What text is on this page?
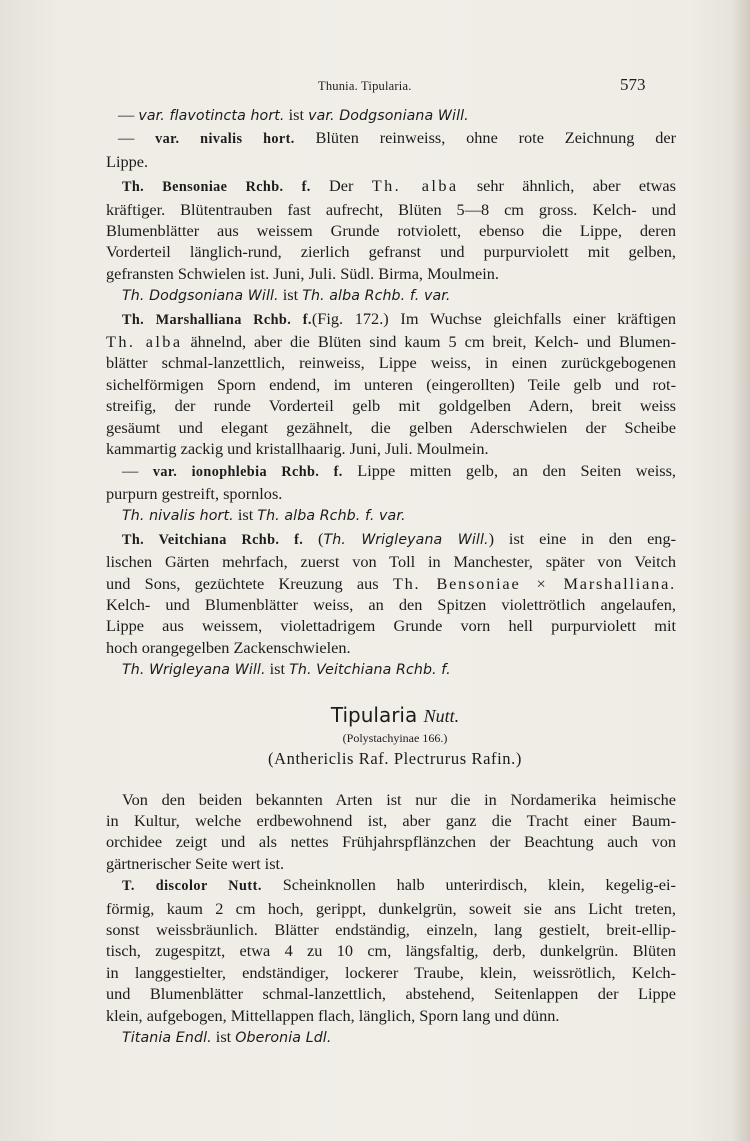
Thunia. Tipularia.	573
— var. flavotincta hort. ist var. Dodgsoniana Will.
— var. nivalis hort. Blüten reinweiss, ohne rote Zeichnung der
Lippe.
Th. Bensoniae Rchb. f. Der Th. alba sehr ähnlich, aber etwas
kräftiger. Blütentrauben fast aufrecht, Blüten 5—8 cm gross. Kelch- und
Blumenblätter aus weissem Grunde rotviolett, ebenso die Lippe, deren
Vorderteil länglich-rund, zierlich gefranst und purpurviolett mit gelben,
gefransten Schwielen ist. Juni, Juli. Südl. Birma, Moulmein.
Th. Dodgsoniana Will. ist Th. alba Rchb. f. var.
Th. Marshalliana Rchb. f.(Fig. 172.) Im Wuchse gleichfalls einer kräftigen
Th. alba ähnelnd, aber die Blüten sind kaum 5 cm breit, Kelch- und Blumen-
blätter schmal-lanzettlich, reinweiss, Lippe weiss, in einen zurückgebogenen
sichelförmigen Sporn endend, im unteren (eingerollten) Teile gelb und rot-
streifig, der runde Vorderteil gelb mit goldgelben Adern, breit weiss
gesäumt und elegant gezähnelt, die gelben Aderschwielen der Scheibe
kammartig zackig und kristallhaarig. Juni, Juli. Moulmein.
— var. ionophlebia Rchb. f. Lippe mitten gelb, an den Seiten weiss,
purpurn gestreift, spornlos.
Th. nivalis hort. ist Th. alba Rchb. f. var.
Th. Veitchiana Rchb. f. (Th. Wrigleyana Will.) ist eine in den eng-
lischen Gärten mehrfach, zuerst von Toll in Manchester, später von Veitch
und Sons, gezüchtete Kreuzung aus Th. Bensoniae × Marshalliana.
Kelch- und Blumenblätter weiss, an den Spitzen violettrötlich angelaufen,
Lippe aus weissem, violettadrigem Grunde vorn hell purpurviolett mit
hoch orangegelben Zackenschwielen.
Th. Wrigleyana Will. ist Th. Veitchiana Rchb. f.
Tipularia Nutt.
(Polystachyinae 166.)
(Anthericlis Raf. Plectrurus Rafin.)
Von den beiden bekannten Arten ist nur die in Nordamerika heimische
in Kultur, welche erdbewohnend ist, aber ganz die Tracht einer Baum-
orchidee zeigt und als nettes Frühjahrspflänzchen der Beachtung auch von
gärtnerischer Seite wert ist.
T. discolor Nutt. Scheinknollen halb unterirdisch, klein, kegelig-ei-
förmig, kaum 2 cm hoch, gerippt, dunkelgrün, soweit sie ans Licht treten,
sonst weissbräunlich. Blätter endständig, einzeln, lang gestielt, breit-ellip-
tisch, zugespitzt, etwa 4 zu 10 cm, längsfaltig, derb, dunkelgrün. Blüten
in langgestielter, endständiger, lockerer Traube, klein, weissrötlich, Kelch-
und Blumenblätter schmal-lanzettlich, abstehend, Seitenlappen der Lippe
klein, aufgebogen, Mittellappen flach, länglich, Sporn lang und dünn.
Titania Endl. ist Oberonia Ldl.
